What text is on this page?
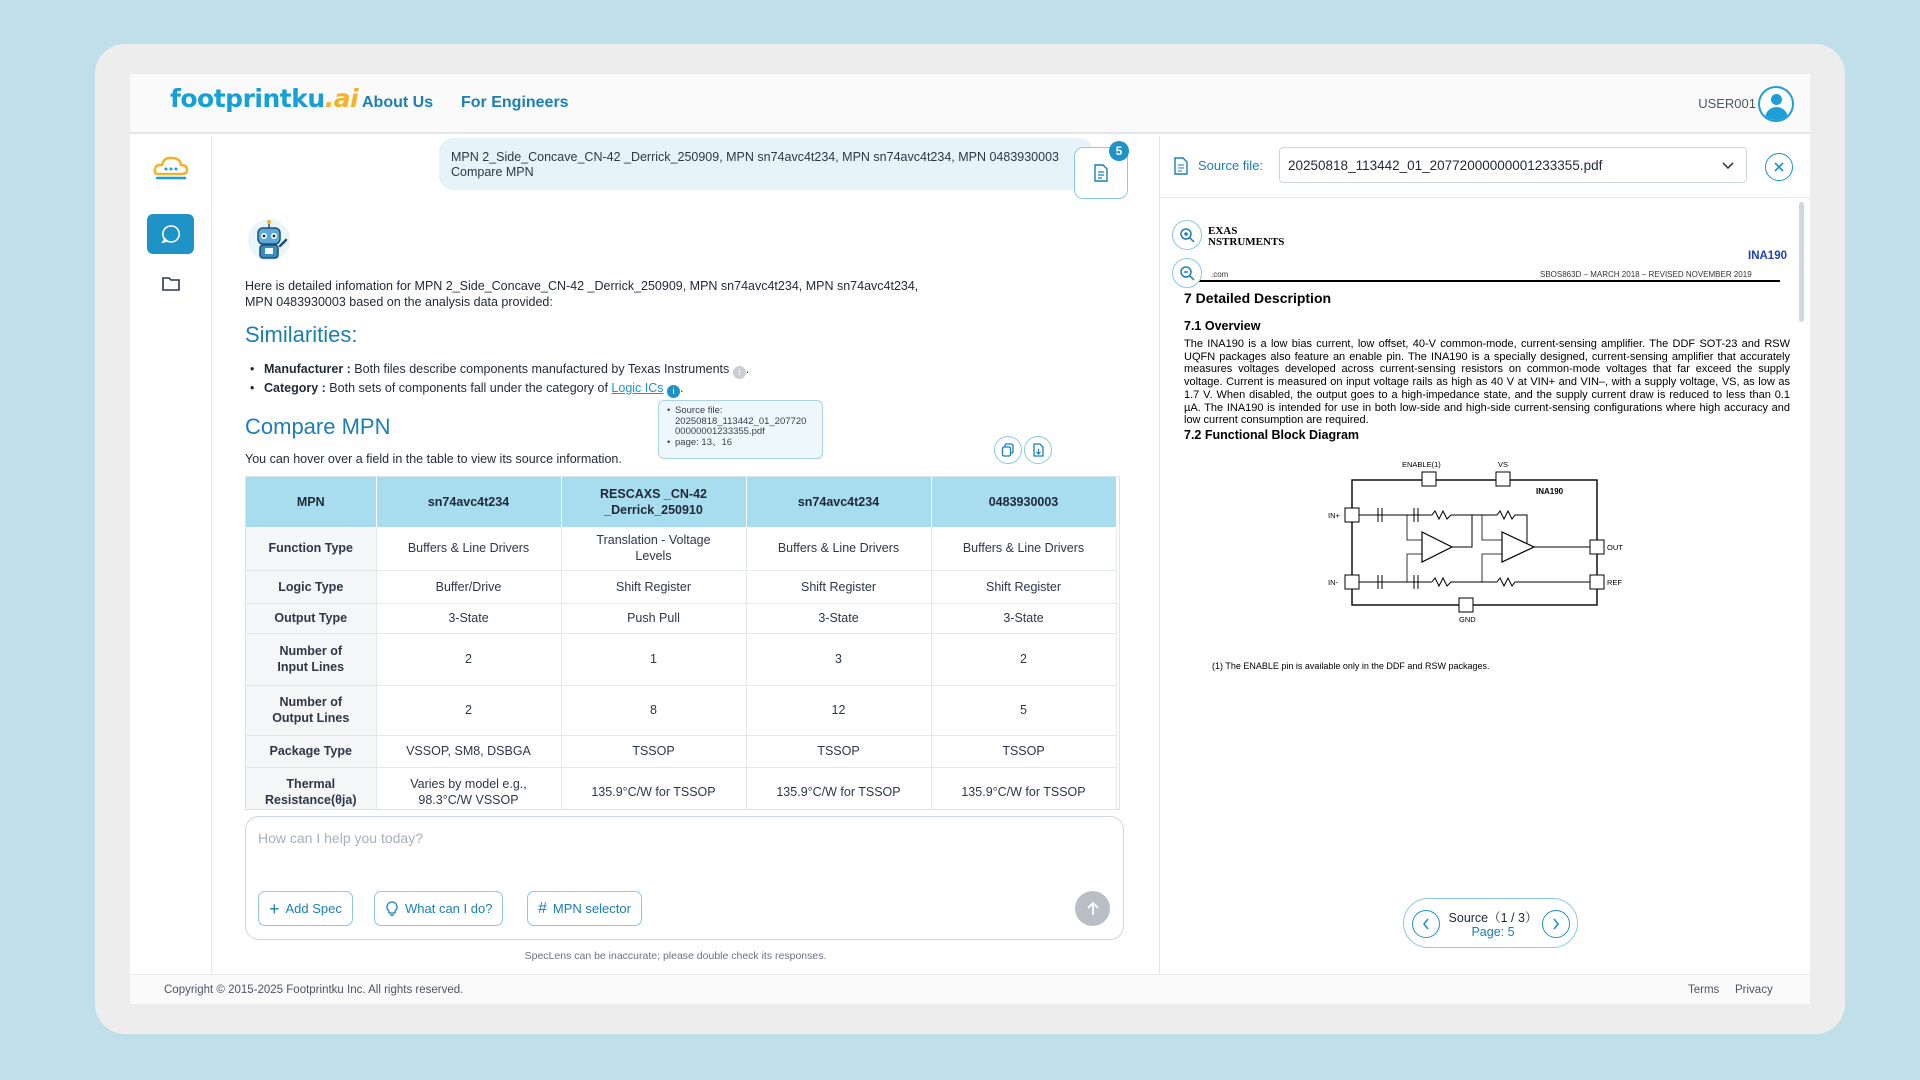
footprintku.ai About Us For Engineers	USER001
MPN 2_Side_Concave_CN-42 _Derrick_250909, MPN sn74avc4t234, MPN sn74avc4t234, MPN 0483930003
Compare MPN
5
Here is detailed infomation for MPN 2_Side_Concave_CN-42 _Derrick_250909, MPN sn74avc4t234, MPN sn74avc4t234,
MPN 0483930003 based on the analysis data provided:
Similarities:
• Manufacturer : Both files describe components manufactured by Texas Instruments i .
• Category : Both sets of components fall under the category of Logic ICs i .
Compare MPN
You can hover over a field in the table to view its source information.
• Source file:
20250818_113442_01_207720
00000001233355.pdf
• page: 13、16
MPN	sn74avc4t234	RESCAXS _CN-42 _Derrick_250910	sn74avc4t234	0483930003
Function Type	Buffers & Line Drivers	Translation - Voltage Levels	Buffers & Line Drivers	Buffers & Line Drivers
Logic Type	Buffer/Drive	Shift Register	Shift Register	Shift Register
Output Type	3-State	Push Pull	3-State	3-State
Number of Input Lines	2	1	3	2
Number of Output Lines	2	8	12	5
Package Type	VSSOP, SM8, DSBGA	TSSOP	TSSOP	TSSOP
Thermal Resistance(θja)	Varies by model e.g., 98.3°C/W VSSOP	135.9°C/W for TSSOP	135.9°C/W for TSSOP	135.9°C/W for TSSOP
How can I help you today?
+ Add Spec	What can I do?	# MPN selector
SpecLens can be inaccurate; please double check its responses.
Source file:	20250818_113442_01_20772000000001233355.pdf
EXAS
NSTRUMENTS
INA190
.com	SBOS863D – MARCH 2018 – REVISED NOVEMBER 2019
7 Detailed Description
7.1 Overview
The INA190 is a low bias current, low offset, 40-V common-mode, current-sensing amplifier. The DDF SOT-23 and RSW UQFN packages also feature an enable pin. The INA190 is a specially designed, current-sensing amplifier that accurately measures voltages developed across current-sensing resistors on common-mode voltages that far exceed the supply voltage. Current is measured on input voltage rails as high as 40 V at VIN+ and VIN–, with a supply voltage, VS, as low as 1.7 V. When disabled, the output goes to a high-impedance state, and the supply current draw is reduced to less than 0.1 µA. The INA190 is intended for use in both low-side and high-side current-sensing configurations where high accuracy and low current consumption are required.
7.2 Functional Block Diagram
ENABLE(1)	VS
INA190
IN+
IN-
OUT
REF
GND
(1) The ENABLE pin is available only in the DDF and RSW packages.
Source（1 / 3）
Page: 5
Copyright © 2015-2025 Footprintku Inc. All rights reserved.	Terms Privacy
